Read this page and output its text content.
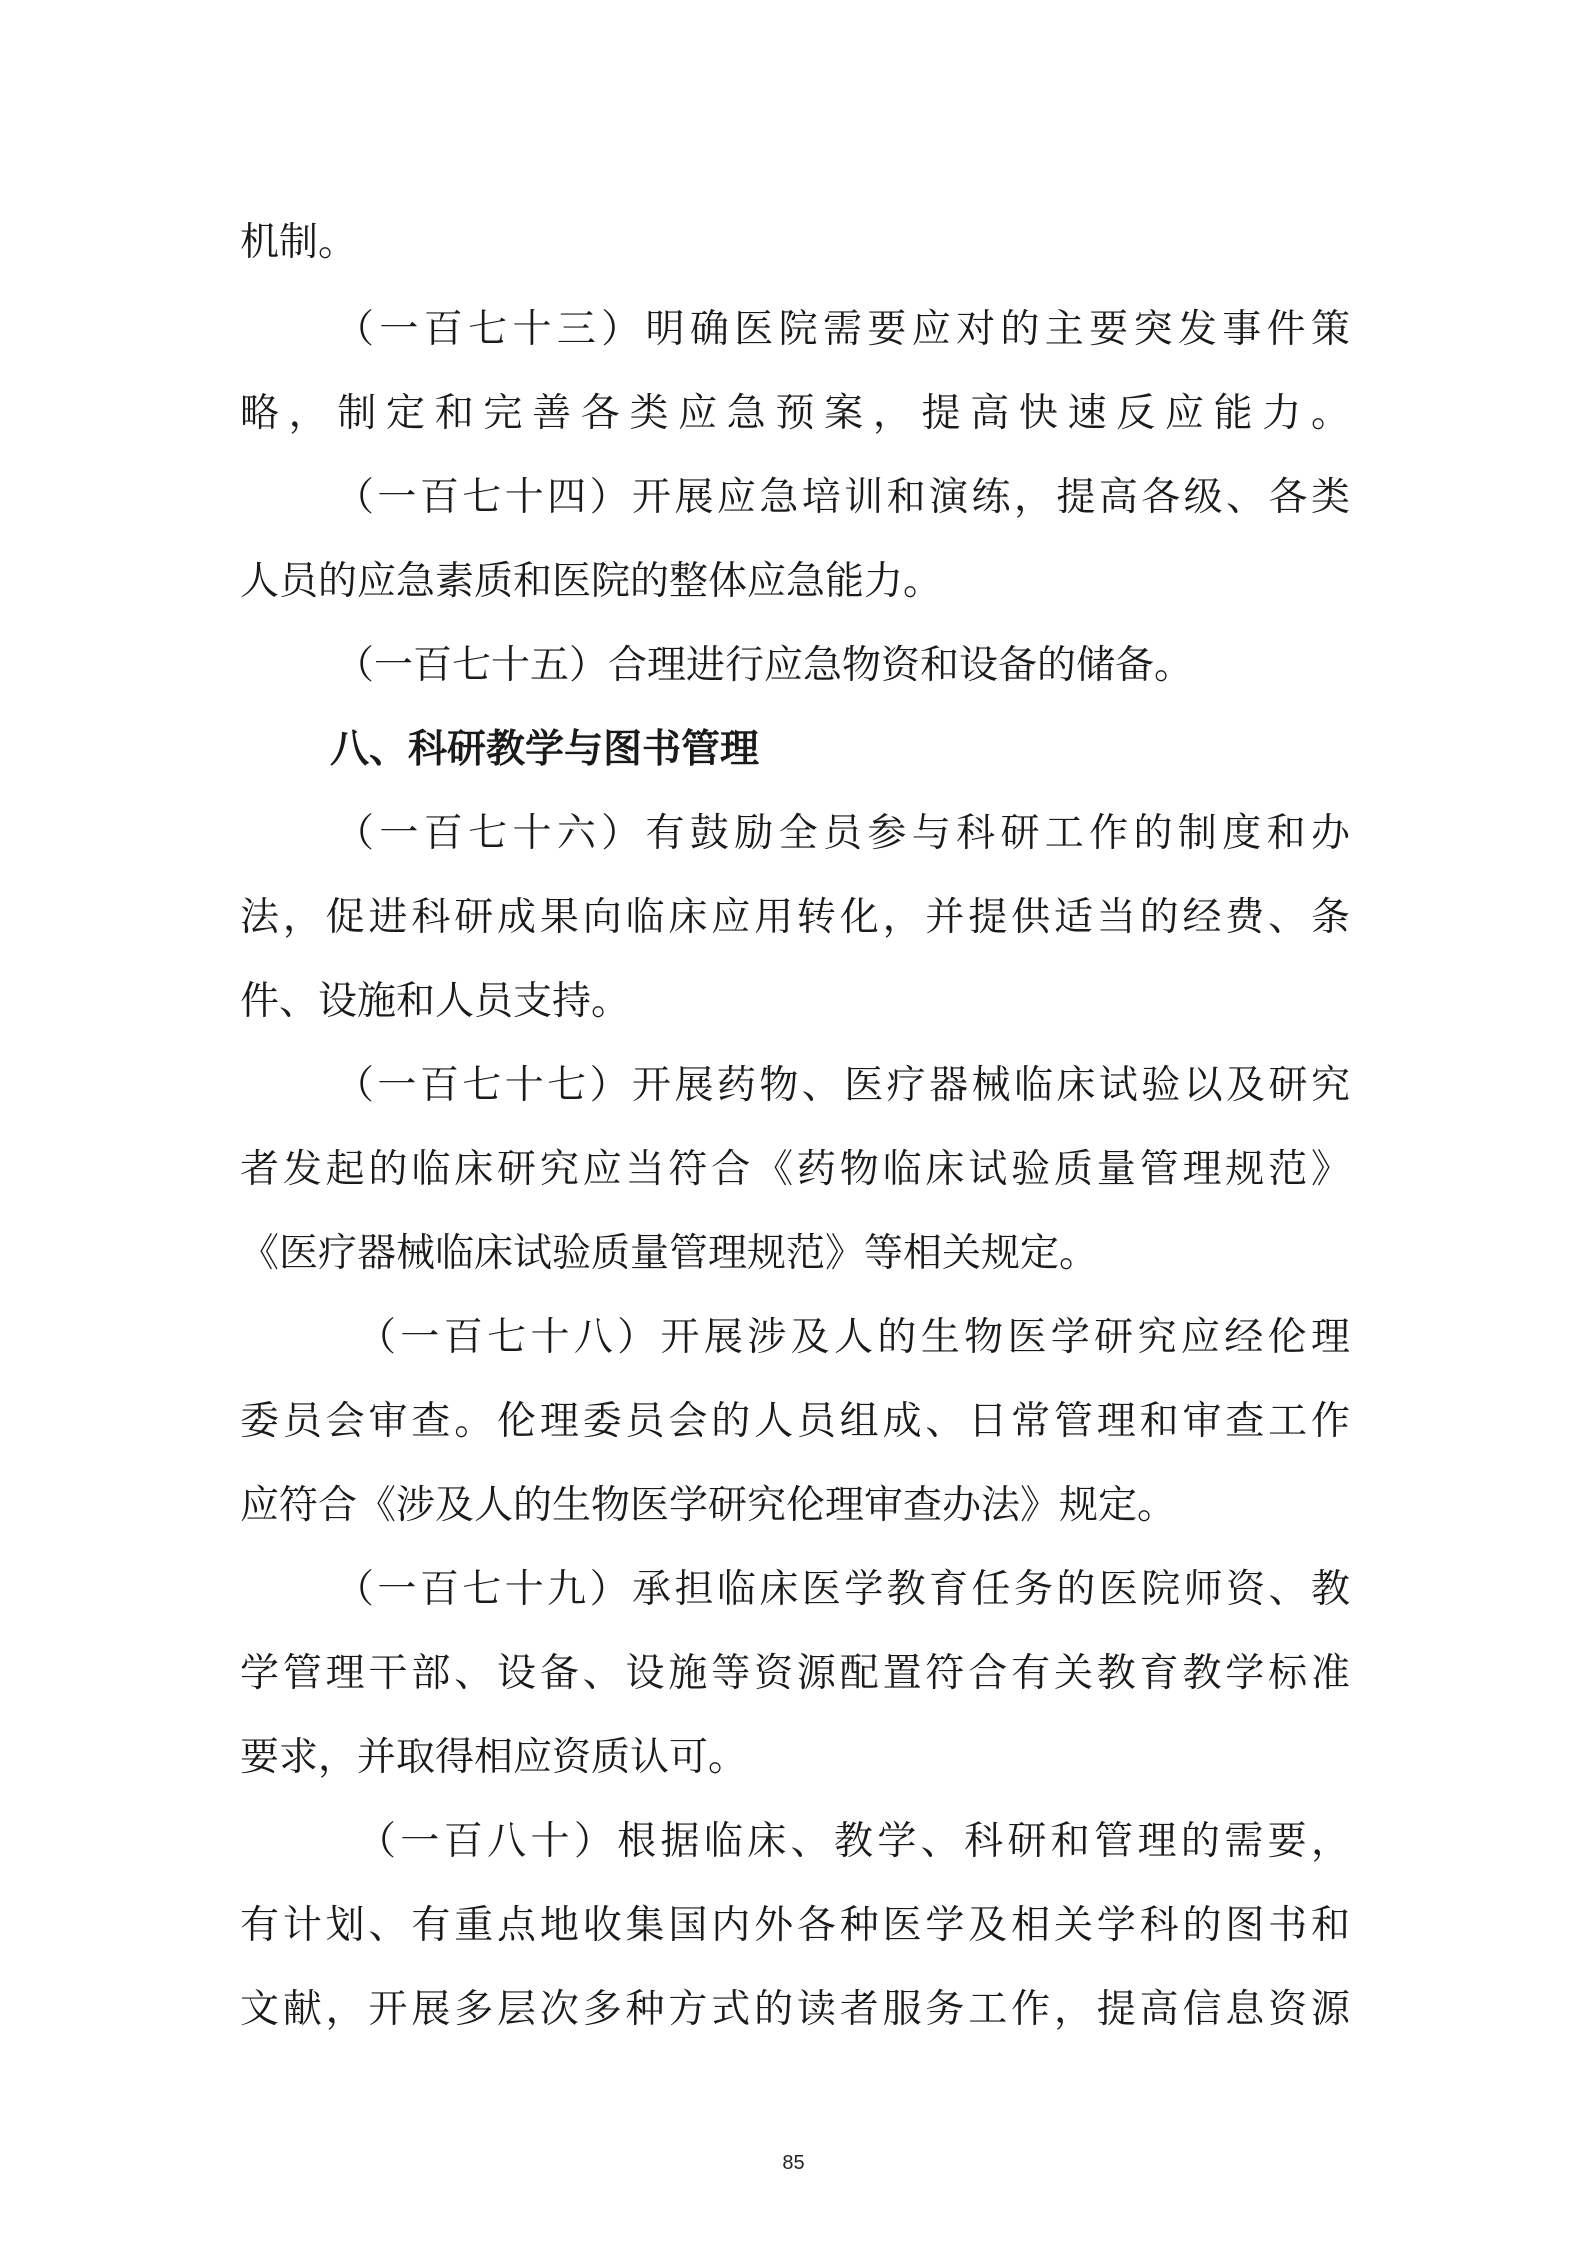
机制。
（一百七十三）明确医院需要应对的主要突发事件策
略，制定和完善各类应急预案，提高快速反应能力。
（一百七十四）开展应急培训和演练，提高各级、各类
人员的应急素质和医院的整体应急能力。
（一百七十五）合理进行应急物资和设备的储备。
八、科研教学与图书管理
（一百七十六）有鼓励全员参与科研工作的制度和办
法，促进科研成果向临床应用转化，并提供适当的经费、条
件、设施和人员支持。
（一百七十七）开展药物、医疗器械临床试验以及研究
者发起的临床研究应当符合《药物临床试验质量管理规范》
《医疗器械临床试验质量管理规范》等相关规定。
（一百七十八）开展涉及人的生物医学研究应经伦理
委员会审查。伦理委员会的人员组成、日常管理和审查工作
应符合《涉及人的生物医学研究伦理审查办法》规定。
（一百七十九）承担临床医学教育任务的医院师资、教
学管理干部、设备、设施等资源配置符合有关教育教学标准
要求，并取得相应资质认可。
（一百八十）根据临床、教学、科研和管理的需要，
有计划、有重点地收集国内外各种医学及相关学科的图书和
文献，开展多层次多种方式的读者服务工作，提高信息资源
85
